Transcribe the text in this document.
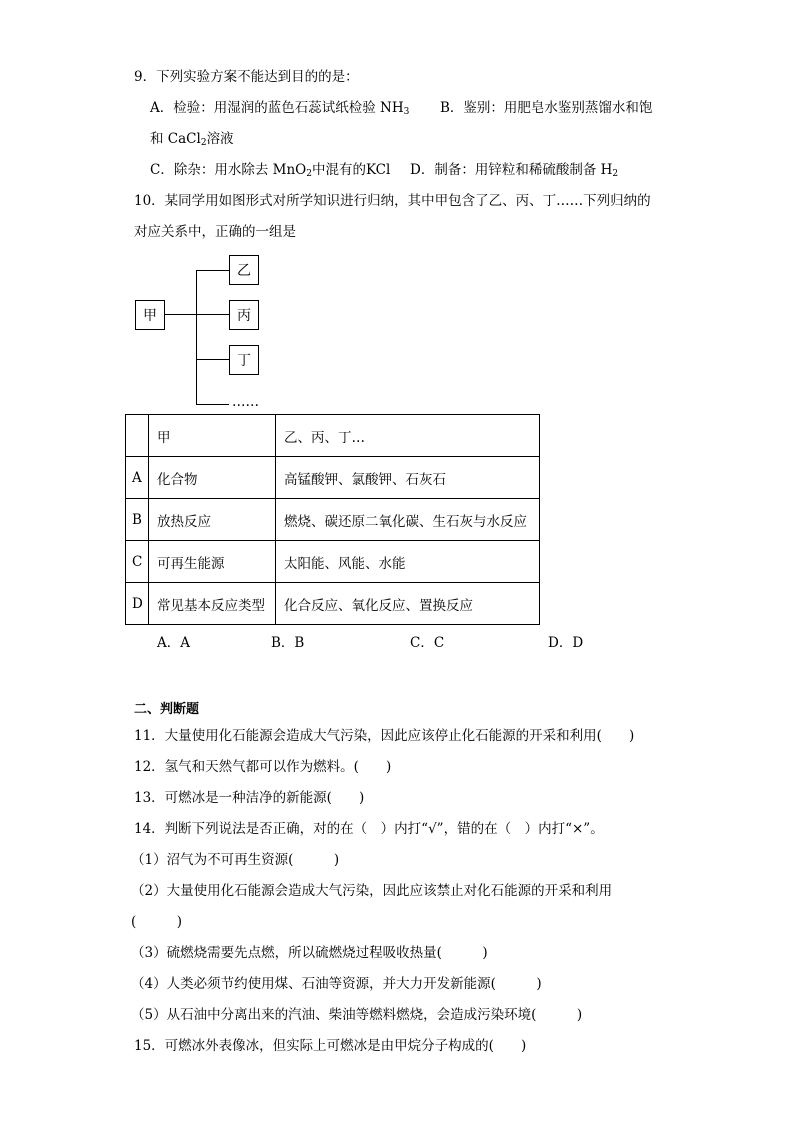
9．下列实验方案不能达到目的的是：
A．检验：用湿润的蓝色石蕊试纸检验 $NH_3$ B．鉴别：用肥皂水鉴别蒸馏水和饱
和 CaCl$_2$溶液
C．除杂：用水除去 MnO$_2$中混有的KCl D．制备：用锌粒和稀硫酸制备 $H_2$
10．某同学用如图形式对所学知识进行归纳，其中甲包含了乙、丙、丁……下列归纳的
对应关系中，正确的一组是
甲
乙
丙
丁
……
	甲	乙、丙、丁…
A	化合物	高锰酸钾、氯酸钾、石灰石
B	放热反应	燃烧、碳还原二氧化碳、生石灰与水反应
C	可再生能源	太阳能、风能、水能
D	常见基本反应类型	化合反应、氧化反应、置换反应
A．A	B．B	C．C	D．D
二、判断题
11．大量使用化石能源会造成大气污染，因此应该停止化石能源的开采和利用(　　)
12．氢气和天然气都可以作为燃料。(　　)
13．可燃冰是一种洁净的新能源(　　)
14．判断下列说法是否正确，对的在（　）内打“√”，错的在（　）内打“×”。
（1）沼气为不可再生资源(　　　)
（2）大量使用化石能源会造成大气污染，因此应该禁止对化石能源的开采和利用
(　　　)
（3）硫燃烧需要先点燃，所以硫燃烧过程吸收热量(　　　)
（4）人类必须节约使用煤、石油等资源，并大力开发新能源(　　　)
（5）从石油中分离出来的汽油、柴油等燃料燃烧，会造成污染环境(　　　)
15．可燃冰外表像冰，但实际上可燃冰是由甲烷分子构成的(　　)
